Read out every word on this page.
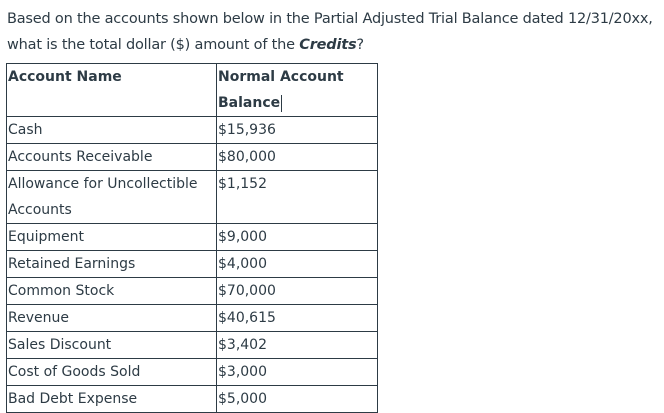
Based on the accounts shown below in the Partial Adjusted Trial Balance dated 12/31/20xx, what is the total dollar ($) amount of the Credits?
Account Name	Normal Account Balance
Cash	$15,936
Accounts Receivable	$80,000
Allowance for Uncollectible Accounts	$1,152
Equipment	$9,000
Retained Earnings	$4,000
Common Stock	$70,000
Revenue	$40,615
Sales Discount	$3,402
Cost of Goods Sold	$3,000
Bad Debt Expense	$5,000
